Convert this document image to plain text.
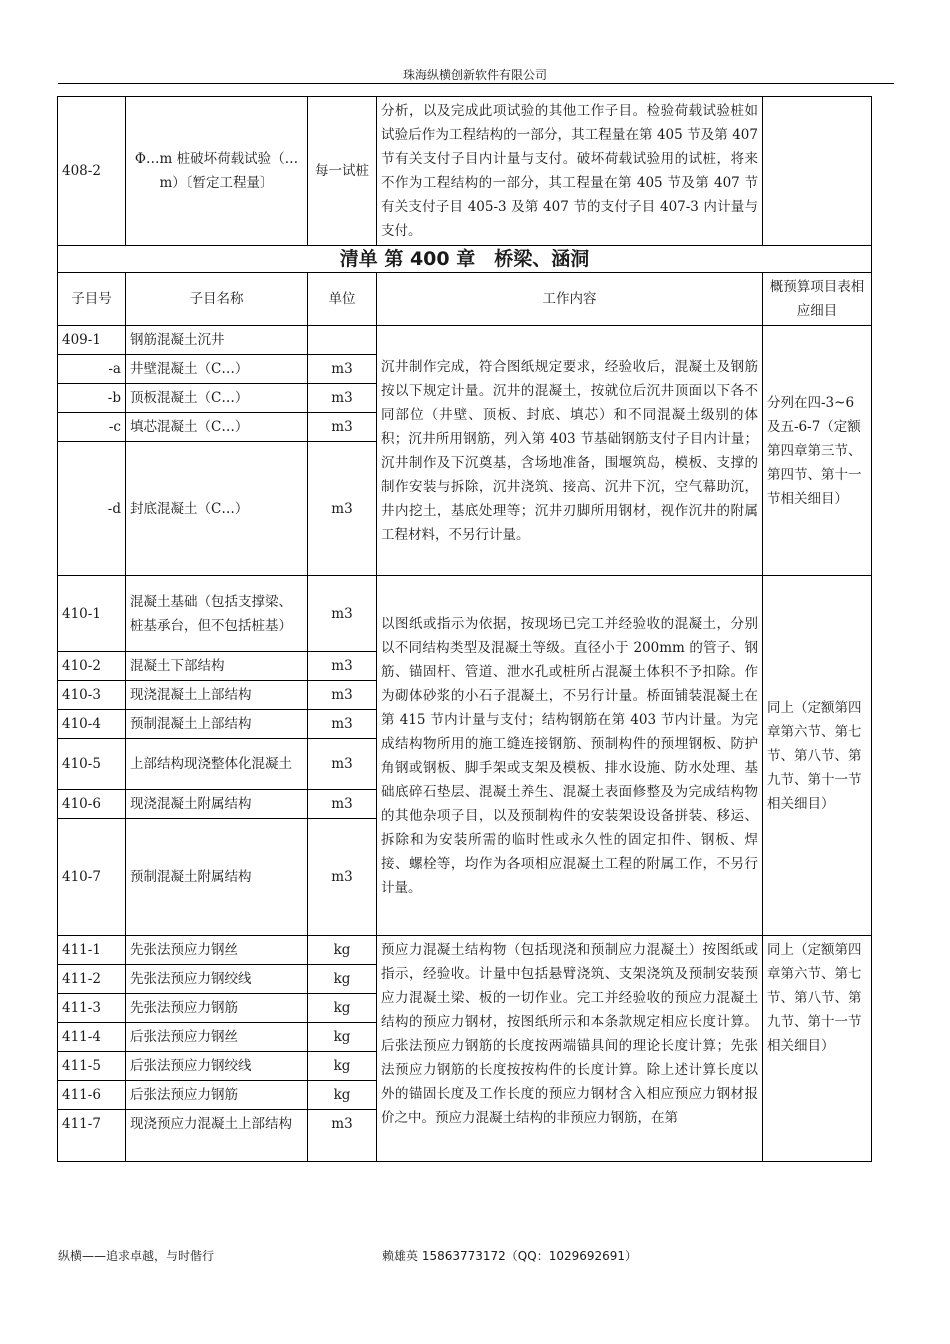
珠海纵横创新软件有限公司
408-2	Φ…m 桩破坏荷载试验（…m）〔暂定工程量〕	每一试桩	分析，以及完成此项试验的其他工作子目。检验荷载试验桩如试验后作为工程结构的一部分，其工程量在第 405 节及第 407 节有关支付子目内计量与支付。破坏荷载试验用的试桩，将来不作为工程结构的一部分，其工程量在第 405 节及第 407 节有关支付子目 405-3 及第 407 节的支付子目 407-3 内计量与支付。	
清单 第 400 章　桥梁、涵洞				
子目号	子目名称	单位	工作内容	概预算项目表相应细目
409-1	钢筋混凝土沉井		沉井制作完成，符合图纸规定要求，经验收后，混凝土及钢筋按以下规定计量。沉井的混凝土，按就位后沉井顶面以下各不同部位（井壁、顶板、封底、填芯）和不同混凝土级别的体积；沉井所用钢筋，列入第 403 节基础钢筋支付子目内计量；沉井制作及下沉奠基，含场地准备，围堰筑岛，模板、支撑的制作安装与拆除，沉井浇筑、接高、沉井下沉，空气幕助沉，井内挖土，基底处理等；沉井刃脚所用钢材，视作沉井的附属工程材料，不另行计量。	分列在四-3~6 及五-6-7（定额第四章第三节、第四节、第十一节相关细目）
-a	井壁混凝土（C…）	m3		
-b	顶板混凝土（C…）	m3		
-c	填芯混凝土（C…）	m3		
-d	封底混凝土（C…）	m3		
410-1	混凝土基础（包括支撑梁、桩基承台，但不包括桩基）	m3	以图纸或指示为依据，按现场已完工并经验收的混凝土，分别以不同结构类型及混凝土等级。直径小于 200mm 的管子、钢筋、锚固杆、管道、泄水孔或桩所占混凝土体积不予扣除。作为砌体砂浆的小石子混凝土，不另行计量。桥面铺装混凝土在第 415 节内计量与支付；结构钢筋在第 403 节内计量。为完成结构物所用的施工缝连接钢筋、预制构件的预埋钢板、防护角钢或钢板、脚手架或支架及模板、排水设施、防水处理、基础底碎石垫层、混凝土养生、混凝土表面修整及为完成结构物的其他杂项子目，以及预制构件的安装架设设备拼装、移运、拆除和为安装所需的临时性或永久性的固定扣件、钢板、焊接、螺栓等，均作为各项相应混凝土工程的附属工作，不另行计量。	同上（定额第四章第六节、第七节、第八节、第九节、第十一节相关细目）
410-2	混凝土下部结构	m3		
410-3	现浇混凝土上部结构	m3		
410-4	预制混凝土上部结构	m3		
410-5	上部结构现浇整体化混凝土	m3		
410-6	现浇混凝土附属结构	m3		
410-7	预制混凝土附属结构	m3		
411-1	先张法预应力钢丝	kg	预应力混凝土结构物（包括现浇和预制应力混凝土）按图纸或指示，经验收。计量中包括悬臂浇筑、支架浇筑及预制安装预应力混凝土梁、板的一切作业。完工并经验收的预应力混凝土结构的预应力钢材，按图纸所示和本条款规定相应长度计算。后张法预应力钢筋的长度按两端锚具间的理论长度计算；先张法预应力钢筋的长度按按构件的长度计算。除上述计算长度以外的锚固长度及工作长度的预应力钢材含入相应预应力钢材报价之中。预应力混凝土结构的非预应力钢筋，在第	同上（定额第四章第六节、第七节、第八节、第九节、第十一节相关细目）
411-2	先张法预应力钢绞线	kg		
411-3	先张法预应力钢筋	kg		
411-4	后张法预应力钢丝	kg		
411-5	后张法预应力钢绞线	kg		
411-6	后张法预应力钢筋	kg		
411-7	现浇预应力混凝土上部结构	m3		
纵横——追求卓越，与时偕行	赖雄英 15863773172（QQ：1029692691）
